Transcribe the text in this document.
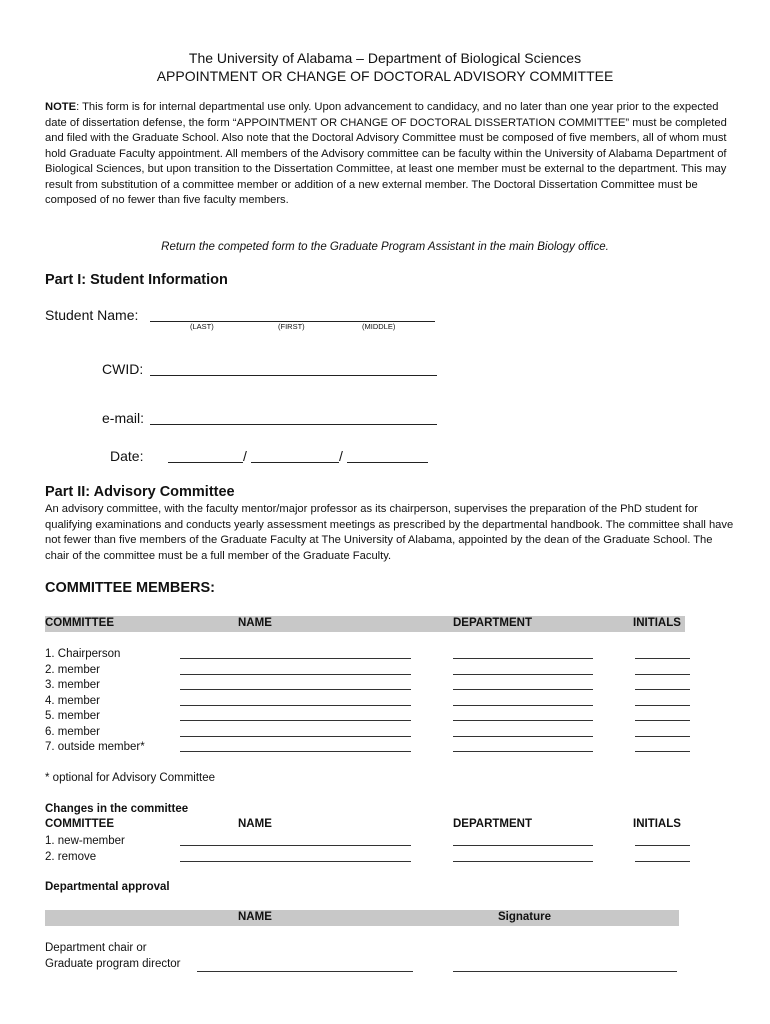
The University of Alabama – Department of Biological Sciences
APPOINTMENT OR CHANGE OF DOCTORAL ADVISORY COMMITTEE
NOTE: This form is for internal departmental use only. Upon advancement to candidacy, and no later than one year prior to the expected date of dissertation defense, the form “APPOINTMENT OR CHANGE OF DOCTORAL DISSERTATION COMMITTEE” must be completed and filed with the Graduate School. Also note that the Doctoral Advisory Committee must be composed of five members, all of whom must hold Graduate Faculty appointment. All members of the Advisory committee can be faculty within the University of Alabama Department of Biological Sciences, but upon transition to the Dissertation Committee, at least one member must be external to the department. This may result from substitution of a committee member or addition of a new external member. The Doctoral Dissertation Committee must be composed of no fewer than five faculty members.
Return the competed form to the Graduate Program Assistant in the main Biology office.
Part I: Student Information
Student Name:
(LAST)	(FIRST)	(MIDDLE)
CWID:
e-mail:
Date:	/	/
Part II: Advisory Committee
An advisory committee, with the faculty mentor/major professor as its chairperson, supervises the preparation of the PhD student for qualifying examinations and conducts yearly assessment meetings as prescribed by the departmental handbook. The committee shall have not fewer than five members of the Graduate Faculty at The University of Alabama, appointed by the dean of the Graduate School. The chair of the committee must be a full member of the Graduate Faculty.
COMMITTEE MEMBERS:
COMMITTEE	NAME	DEPARTMENT	INITIALS
1. Chairperson
2. member
3. member
4. member
5. member
6. member
7. outside member*
* optional for Advisory Committee
Changes in the committee
COMMITTEE	NAME	DEPARTMENT	INITIALS
1. new-member
2. remove
Departmental approval
NAME	Signature
Department chair or
Graduate program director
